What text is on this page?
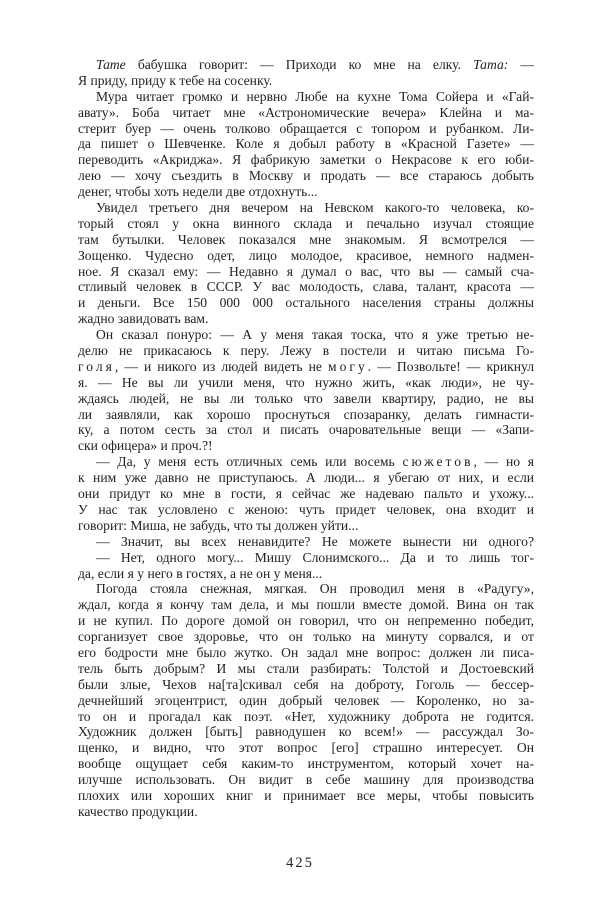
Тате бабушка говорит: — Приходи ко мне на елку. Тата: —
Я приду, приду к тебе на сосенку.
Мура читает громко и нервно Любе на кухне Тома Сойера и «Гай-
авату». Боба читает мне «Астрономические вечера» Клейна и ма-
стерит буер — очень толково обращается с топором и рубанком. Ли-
да пишет о Шевченке. Коле я добыл работу в «Красной Газете» —
переводить «Акриджа». Я фабрикую заметки о Некрасове к его юби-
лею — хочу съездить в Москву и продать — все стараюсь добыть
денег, чтобы хоть недели две отдохнуть...
Увидел третьего дня вечером на Невском какого-то человека, ко-
торый стоял у окна винного склада и печально изучал стоящие
там бутылки. Человек показался мне знакомым. Я всмотрелся —
Зощенко. Чудесно одет, лицо молодое, красивое, немного надмен-
ное. Я сказал ему: — Недавно я думал о вас, что вы — самый сча-
стливый человек в СССР. У вас молодость, слава, талант, красота —
и деньги. Все 150 000 000 остального населения страны должны
жадно завидовать вам.
Он сказал понуро: — А у меня такая тоска, что я уже третью не-
делю не прикасаюсь к перу. Лежу в постели и читаю письма Го-
голя, — и никого из людей видеть не могу. — Позвольте! — крикнул
я. — Не вы ли учили меня, что нужно жить, «как люди», не чу-
ждаясь людей, не вы ли только что завели квартиру, радио, не вы
ли заявляли, как хорошо проснуться спозаранку, делать гимнасти-
ку, а потом сесть за стол и писать очаровательные вещи — «Запи-
ски офицера» и проч.?!
— Да, у меня есть отличных семь или восемь сюжетов, — но я
к ним уже давно не приступаюсь. А люди... я убегаю от них, и если
они придут ко мне в гости, я сейчас же надеваю пальто и ухожу...
У нас так условлено с женою: чуть придет человек, она входит и
говорит: Миша, не забудь, что ты должен уйти...
— Значит, вы всех ненавидите? Не можете вынести ни одного?
— Нет, одного могу... Мишу Слонимского... Да и то лишь тог-
да, если я у него в гостях, а не он у меня...
Погода стояла снежная, мягкая. Он проводил меня в «Радугу»,
ждал, когда я кончу там дела, и мы пошли вместе домой. Вина он так
и не купил. По дороге домой он говорил, что он непременно победит,
сорганизует свое здоровье, что он только на минуту сорвался, и от
его бодрости мне было жутко. Он задал мне вопрос: должен ли писа-
тель быть добрым? И мы стали разбирать: Толстой и Достоевский
были злые, Чехов на[та]скивал себя на доброту, Гоголь — бессер-
дечнейший эгоцентрист, один добрый человек — Короленко, но за-
то он и прогадал как поэт. «Нет, художнику доброта не годится.
Художник должен [быть] равнодушен ко всем!» — рассуждал Зо-
щенко, и видно, что этот вопрос [его] страшно интересует. Он
вообще ощущает себя каким-то инструментом, который хочет на-
илучше использовать. Он видит в себе машину для производства
плохих или хороших книг и принимает все меры, чтобы повысить
качество продукции.
425
